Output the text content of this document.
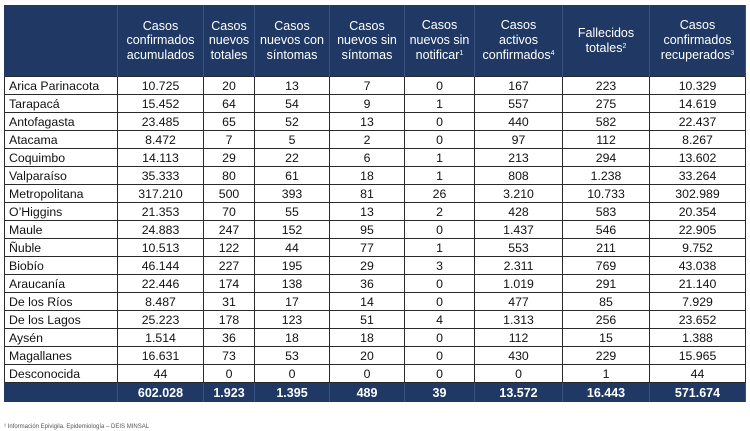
	Casos
confirmados
acumulados	Casos
nuevos
totales	Casos
nuevos con
síntomas	Casos
nuevos sin
síntomas	Casos
nuevos sin
notificar$^1$	Casos
activos
confirmados$^4$	Fallecidos
totales$^2$	Casos
confirmados
recuperados$^3$
Arica Parinacota	10.725	20	13	7	0	167	223	10.329
Tarapacá	15.452	64	54	9	1	557	275	14.619
Antofagasta	23.485	65	52	13	0	440	582	22.437
Atacama	8.472	7	5	2	0	97	112	8.267
Coquimbo	14.113	29	22	6	1	213	294	13.602
Valparaíso	35.333	80	61	18	1	808	1.238	33.264
Metropolitana	317.210	500	393	81	26	3.210	10.733	302.989
O’Higgins	21.353	70	55	13	2	428	583	20.354
Maule	24.883	247	152	95	0	1.437	546	22.905
Ñuble	10.513	122	44	77	1	553	211	9.752
Biobío	46.144	227	195	29	3	2.311	769	43.038
Araucanía	22.446	174	138	36	0	1.019	291	21.140
De los Ríos	8.487	31	17	14	0	477	85	7.929
De los Lagos	25.223	178	123	51	4	1.313	256	23.652
Aysén	1.514	36	18	18	0	112	15	1.388
Magallanes	16.631	73	53	20	0	430	229	15.965
Desconocida	44	0	0	0	0	0	1	44
	602.028	1.923	1.395	489	39	13.572	16.443	571.674
¹ Información Epivigila. Epidemiología – DEIS MINSAL
